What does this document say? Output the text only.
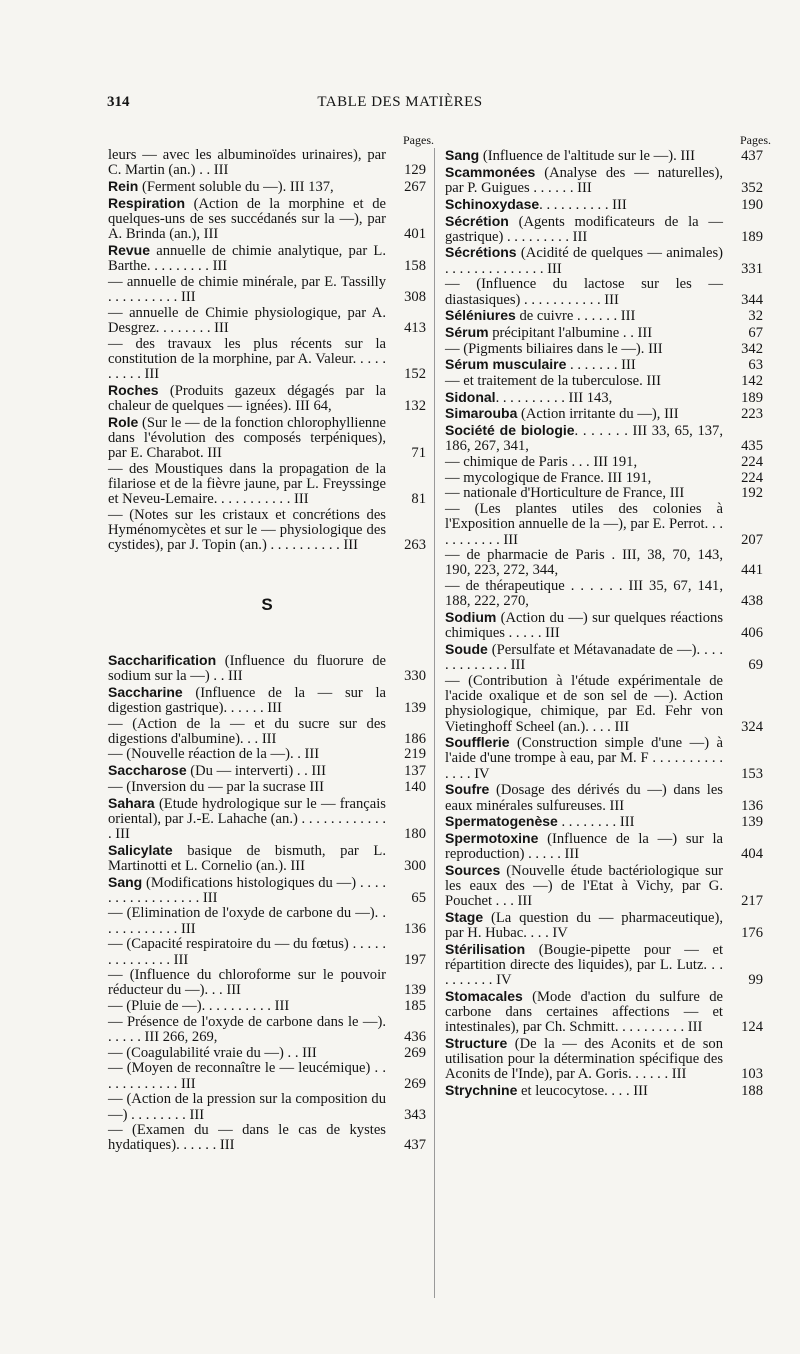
314	TABLE DES MATIÈRES
Pages.
leurs — avec les albuminoïdes urinaires), par C. Martin (an.) . . III	129
Rein (Ferment soluble du —). III 137,	267
Respiration (Action de la morphine et de quelques-uns de ses succédanés sur la —), par A. Brinda (an.), III	401
Revue annuelle de chimie analytique, par L. Barthe. . . . . . . . . III	158
— annuelle de chimie minérale, par E. Tassilly . . . . . . . . . . III	308
— annuelle de Chimie physiologique, par A. Desgrez. . . . . . . . III	413
— des travaux les plus récents sur la constitution de la morphine, par A. Valeur. . . . . . . . . . III	152
Roches (Produits gazeux dégagés par la chaleur de quelques — ignées). III 64,	132
Role (Sur le — de la fonction chlorophyllienne dans l'évolution des composés terpéniques), par E. Charabot. III	71
— des Moustiques dans la propagation de la filariose et de la fièvre jaune, par L. Freyssinge et Neveu-Lemaire. . . . . . . . . . . III	81
— (Notes sur les cristaux et concrétions des Hyménomycètes et sur le — physiologique des cystides), par J. Topin (an.) . . . . . . . . . . III	263
S
Saccharification (Influence du fluorure de sodium sur la —) . . III	330
Saccharine (Influence de la — sur la digestion gastrique). . . . . . III	139
— (Action de la — et du sucre sur des digestions d'albumine). . . III	186
— (Nouvelle réaction de la —). . III	219
Saccharose (Du — interverti) . . III	137
— (Inversion du — par la sucrase III	140
Sahara (Etude hydrologique sur le — français oriental), par J.-E. Lahache (an.) . . . . . . . . . . . . . III	180
Salicylate basique de bismuth, par L. Martinotti et L. Cornelio (an.). III	300
Sang (Modifications histologiques du —) . . . . . . . . . . . . . . . . . III	65
— (Elimination de l'oxyde de carbone du —). . . . . . . . . . . . III	136
— (Capacité respiratoire du — du fœtus) . . . . . . . . . . . . . . III	197
— (Influence du chloroforme sur le pouvoir réducteur du —). . . III	139
— (Pluie de —). . . . . . . . . . III	185
— Présence de l'oxyde de carbone dans le —). . . . . . III 266, 269,	436
— (Coagulabilité vraie du —) . . III	269
— (Moyen de reconnaître le — leucémique) . . . . . . . . . . . . III	269
— (Action de la pression sur la composition du —) . . . . . . . . III	343
— (Examen du — dans le cas de kystes hydatiques). . . . . . III	437
Pages.
Sang (Influence de l'altitude sur le —). III	437
Scammonées (Analyse des — naturelles), par P. Guigues . . . . . . III	352
Schinoxydase. . . . . . . . . . III	190
Sécrétion (Agents modificateurs de la — gastrique) . . . . . . . . . III	189
Sécrétions (Acidité de quelques — animales) . . . . . . . . . . . . . . III	331
— (Influence du lactose sur les — diastasiques) . . . . . . . . . . . III	344
Séléniures de cuivre . . . . . . III	32
Sérum précipitant l'albumine . . III	67
— (Pigments biliaires dans le —). III	342
Sérum musculaire . . . . . . . III	63
— et traitement de la tuberculose. III	142
Sidonal. . . . . . . . . . III 143,	189
Simarouba (Action irritante du —), III	223
Société de biologie. . . . . . . III 33, 65, 137, 186, 267, 341,	435
— chimique de Paris . . . III 191,	224
— mycologique de France. III 191,	224
— nationale d'Horticulture de France, III	192
— (Les plantes utiles des colonies à l'Exposition annuelle de la —), par E. Perrot. . . . . . . . . . . III	207
— de pharmacie de Paris . III, 38, 70, 143, 190, 223, 272, 344,	441
— de thérapeutique . . . . . . III 35, 67, 141, 188, 222, 270,	438
Sodium (Action du —) sur quelques réactions chimiques . . . . . III	406
Soude (Persulfate et Métavanadate de —). . . . . . . . . . . . . III	69
— (Contribution à l'étude expérimentale de l'acide oxalique et de son sel de —). Action physiologique, chimique, par Ed. Fehr von Vietinghoff Scheel (an.). . . . III	324
Soufflerie (Construction simple d'une —) à l'aide d'une trompe à eau, par M. F . . . . . . . . . . . . . . IV	153
Soufre (Dosage des dérivés du —) dans les eaux minérales sulfureuses. III	136
Spermatogenèse . . . . . . . . III	139
Spermotoxine (Influence de la —) sur la reproduction) . . . . . III	404
Sources (Nouvelle étude bactériologique sur les eaux des —) de l'Etat à Vichy, par G. Pouchet . . . III	217
Stage (La question du — pharmaceutique), par H. Hubac. . . . IV	176
Stérilisation (Bougie-pipette pour — et répartition directe des liquides), par L. Lutz. . . . . . . . . . IV	99
Stomacales (Mode d'action du sulfure de carbone dans certaines affections — et intestinales), par Ch. Schmitt. . . . . . . . . . III	124
Structure (De la — des Aconits et de son utilisation pour la détermination spécifique des Aconits de l'Inde), par A. Goris. . . . . . III	103
Strychnine et leucocytose. . . . III	188
